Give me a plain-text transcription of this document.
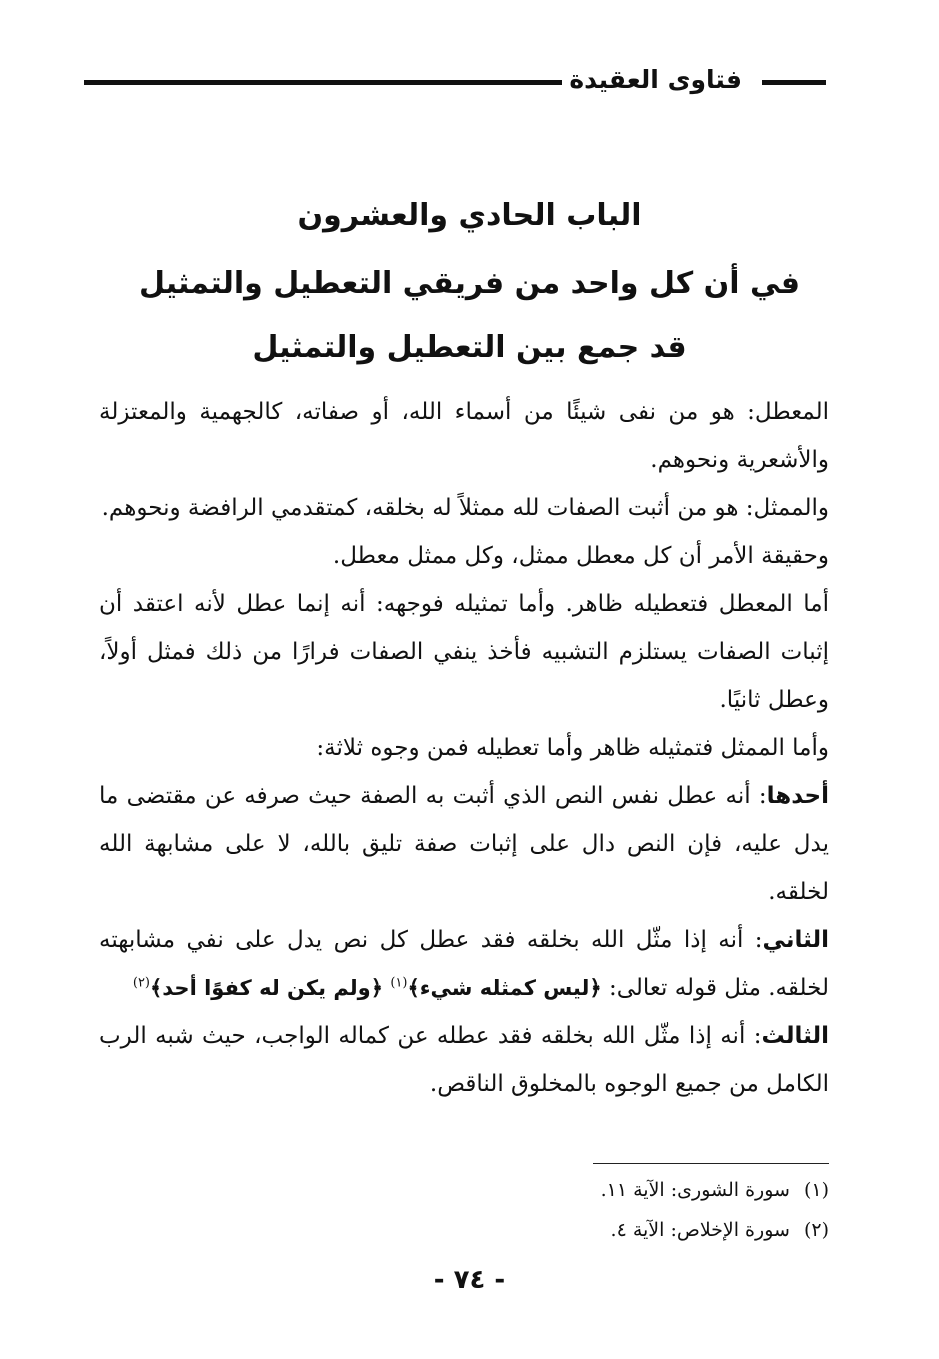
فتاوى العقيدة
الباب الحادي والعشرون
في أن كل واحد من فريقي التعطيل والتمثيل
قد جمع بين التعطيل والتمثيل

المعطل: هو من نفى شيئًا من أسماء الله، أو صفاته، كالجهمية والمعتزلة والأشعرية ونحوهم.

والممثل: هو من أثبت الصفات لله ممثلاً له بخلقه، كمتقدمي الرافضة ونحوهم.

وحقيقة الأمر أن كل معطل ممثل، وكل ممثل معطل.

أما المعطل فتعطيله ظاهر. وأما تمثيله فوجهه: أنه إنما عطل لأنه اعتقد أن إثبات الصفات يستلزم التشبيه فأخذ ينفي الصفات فرارًا من ذلك فمثل أولاً، وعطل ثانيًا.

وأما الممثل فتمثيله ظاهر وأما تعطيله فمن وجوه ثلاثة:

أحدها: أنه عطل نفس النص الذي أثبت به الصفة حيث صرفه عن مقتضى ما يدل عليه، فإن النص دال على إثبات صفة تليق بالله، لا على مشابهة الله لخلقه.

الثاني: أنه إذا مثّل الله بخلقه فقد عطل كل نص يدل على نفي مشابهته لخلقه. مثل قوله تعالى: ﴿ليس كمثله شيء﴾$^{(١)}$ ﴿ولم يكن له كفوًا أحد﴾$^{(٢)}$

الثالث: أنه إذا مثّل الله بخلقه فقد عطله عن كماله الواجب، حيث شبه الرب الكامل من جميع الوجوه بالمخلوق الناقص.

(١)سورة الشورى: الآية ١١.

(٢)سورة الإخلاص: الآية ٤.

- ٧٤ -
